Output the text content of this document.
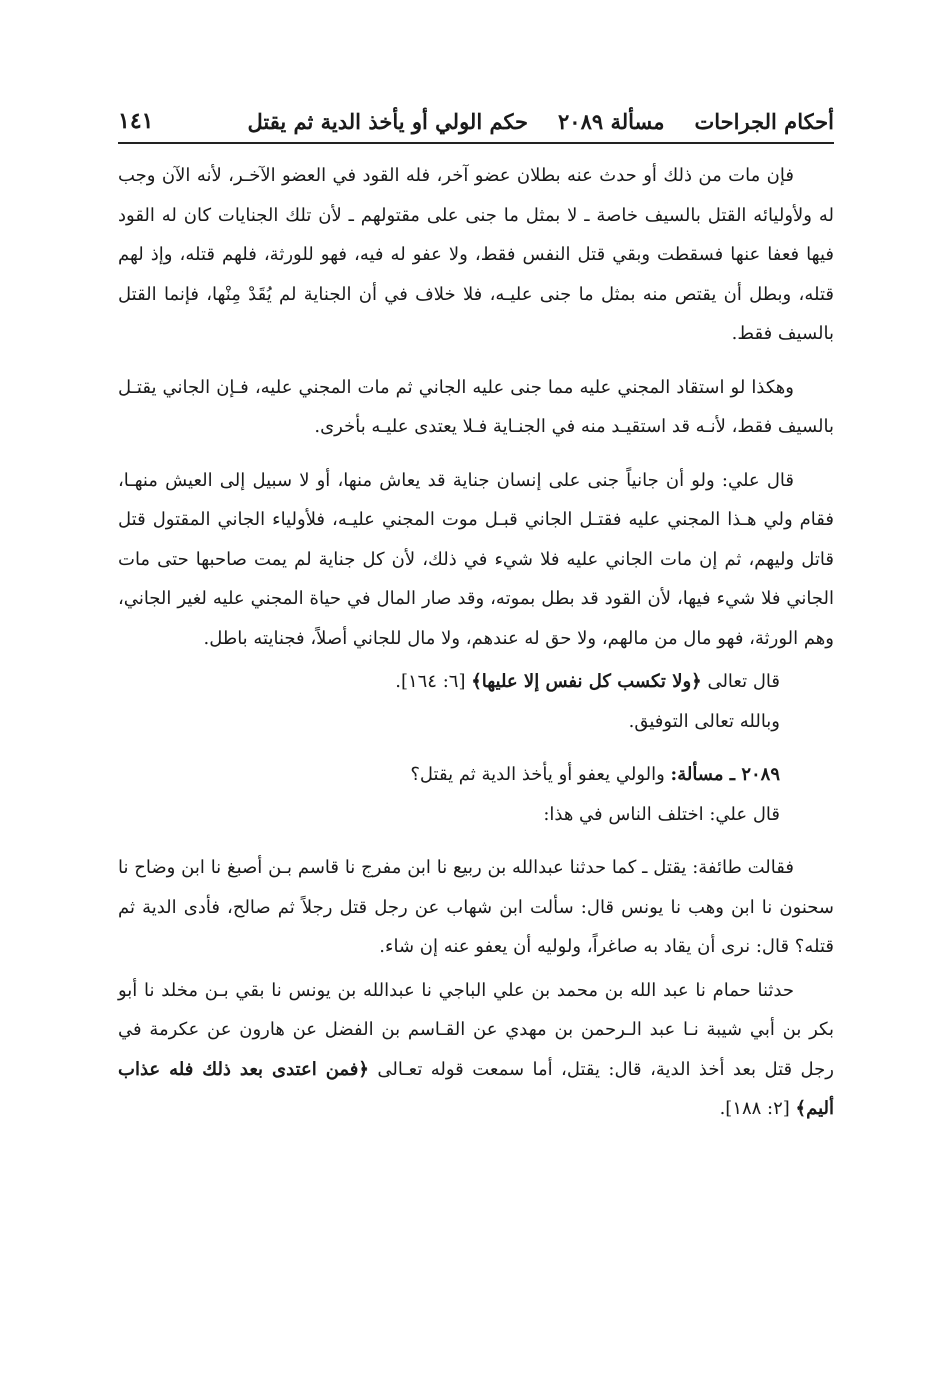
أحكام الجراحات
مسألة ٢٠٨٩
حكم الولي أو يأخذ الدية ثم يقتل
١٤١

فإن مات من ذلك أو حدث عنه بطلان عضو آخر، فله القود في العضو الآخـر، لأنه الآن وجب له ولأوليائه القتل بالسيف خاصة ـ لا بمثل ما جنى على مقتولهم ـ لأن تلك الجنايات كان له القود فيها فعفا عنها فسقطت وبقي قتل النفس فقط، ولا عفو له فيه، فهو للورثة، فلهم قتله، وإذ لهم قتله، وبطل أن يقتص منه بمثل ما جنى عليـه، فلا خلاف في أن الجناية لم يُقَدْ مِنْها، فإنما القتل بالسيف فقط.

وهكذا لو استقاد المجني عليه مما جنى عليه الجاني ثم مات المجني عليه، فـإن الجاني يقتـل بالسيف فقط، لأنـه قد استقيـد منه في الجنـاية فـلا يعتدى عليـه بأخرى.

قال علي: ولو أن جانياً جنى على إنسان جناية قد يعاش منها، أو لا سبيل إلى العيش منهـا، فقام ولي هـذا المجني عليه فقتـل الجاني قبـل موت المجني عليـه، فلأولياء الجاني المقتول قتل قاتل وليهم، ثم إن مات الجاني عليه فلا شيء في ذلك، لأن كل جناية لم يمت صاحبها حتى مات الجاني فلا شيء فيها، لأن القود قد بطل بموته، وقد صار المال في حياة المجني عليه لغير الجاني، وهم الورثة، فهو مال من مالهم، ولا حق له عندهم، ولا مال للجاني أصلاً، فجنايته باطل.

قال تعالى ﴿ولا تكسب كل نفس إلا عليها﴾ [٦: ١٦٤].

وبالله تعالى التوفيق.

٢٠٨٩ ـ مسألة: والولي يعفو أو يأخذ الدية ثم يقتل؟

قال علي: اختلف الناس في هذا:

فقالت طائفة: يقتل ـ كما حدثنا عبدالله بن ربيع نا ابن مفرج نا قاسم بـن أصبغ نا ابن وضاح نا سحنون نا ابن وهب نا يونس قال: سألت ابن شهاب عن رجل قتل رجلاً ثم صالح، فأدى الدية ثم قتله؟ قال: نرى أن يقاد به صاغراً، ولوليه أن يعفو عنه إن شاء.

حدثنا حمام نا عبد الله بن محمد بن علي الباجي نا عبدالله بن يونس نا بقي بـن مخلد نا أبو بكر بن أبي شيبة نـا عبد الـرحمن بن مهدي عن القـاسم بن الفضل عن هارون عن عكرمة في رجل قتل بعد أخذ الدية، قال: يقتل، أما سمعت قوله تعـالى ﴿فمن اعتدى بعد ذلك فله عذاب أليم﴾ [٢: ١٨٨].
